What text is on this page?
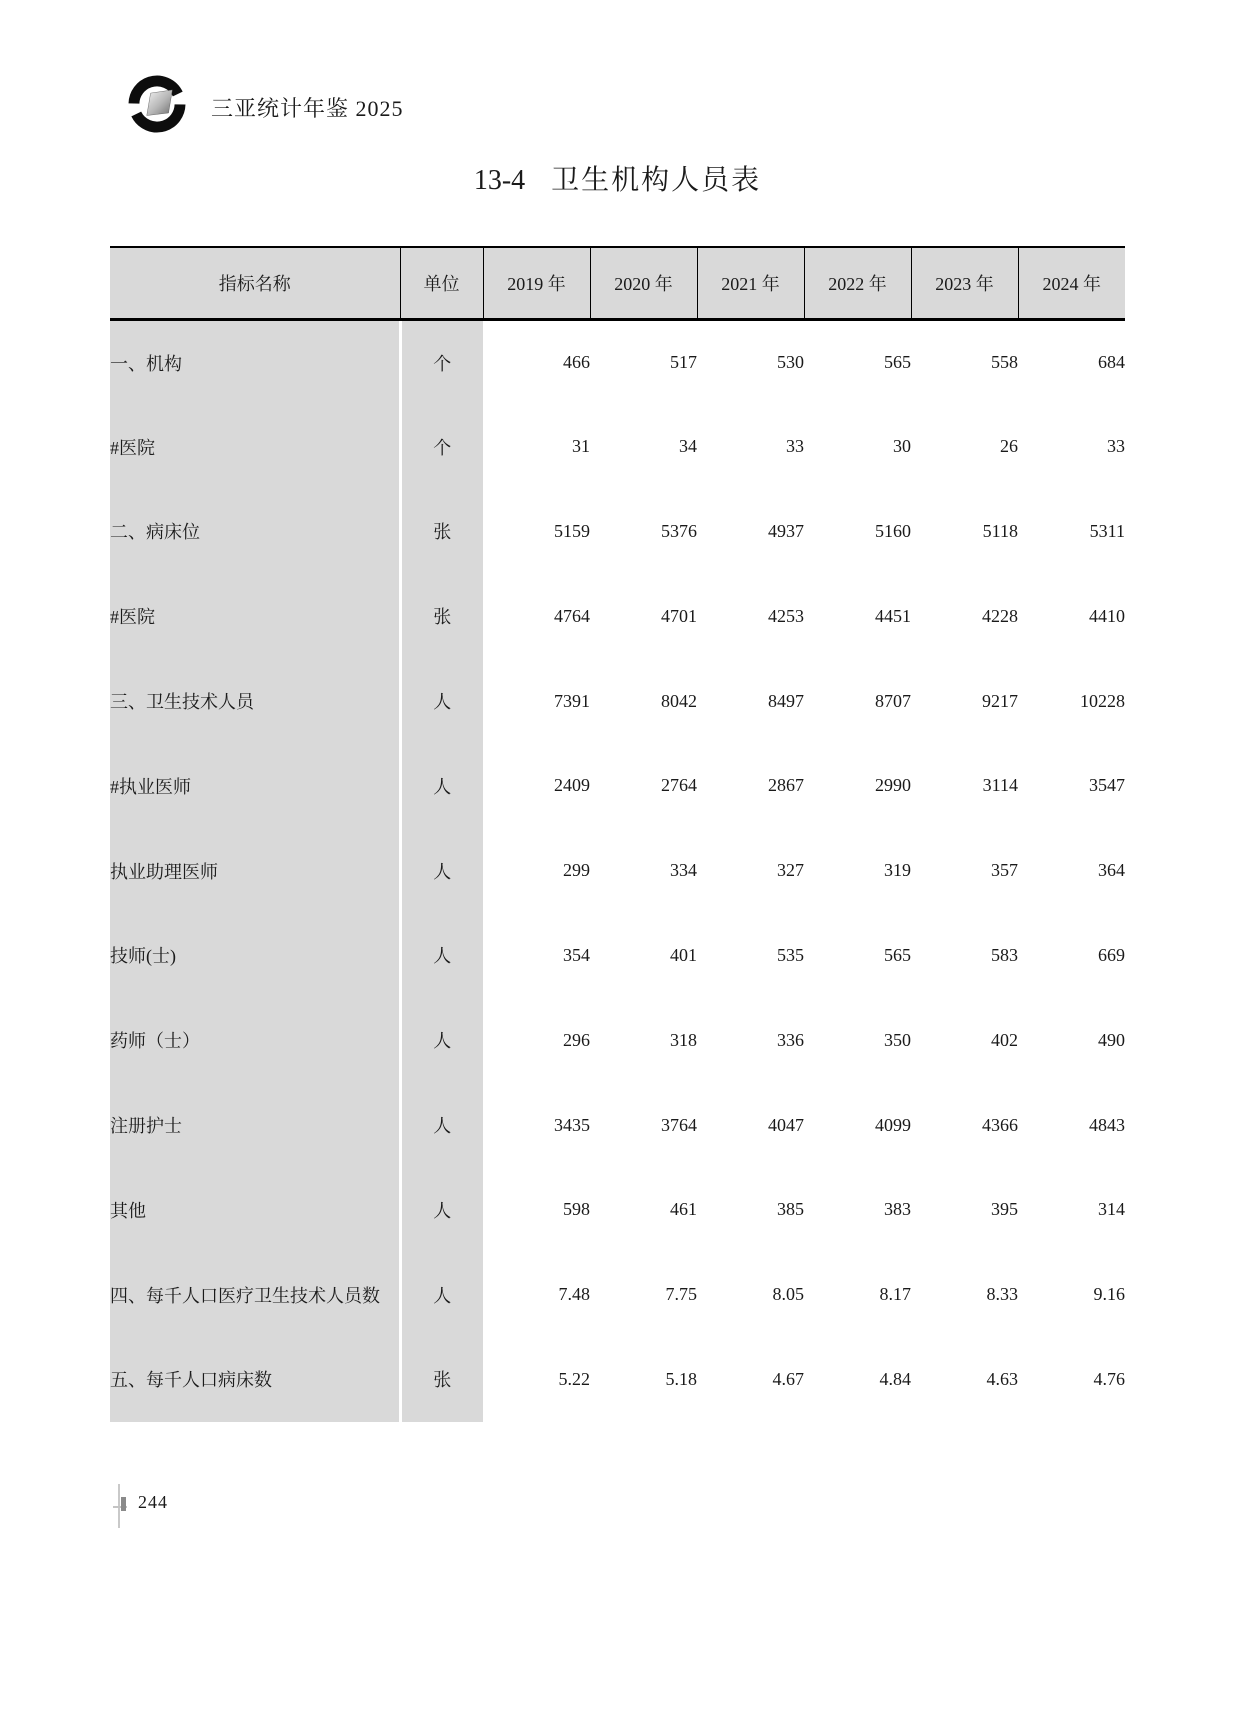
三亚统计年鉴 2025
13-4 卫生机构人员表
指标名称	单位	2019 年	2020 年	2021 年	2022 年	2023 年	2024 年
一、机构	个	466	517	530	565	558	684
#医院	个	31	34	33	30	26	33
二、病床位	张	5159	5376	4937	5160	5118	5311
#医院	张	4764	4701	4253	4451	4228	4410
三、卫生技术人员	人	7391	8042	8497	8707	9217	10228
#执业医师	人	2409	2764	2867	2990	3114	3547
执业助理医师	人	299	334	327	319	357	364
技师(士)	人	354	401	535	565	583	669
药师（士）	人	296	318	336	350	402	490
注册护士	人	3435	3764	4047	4099	4366	4843
其他	人	598	461	385	383	395	314
四、每千人口医疗卫生技术人员数	人	7.48	7.75	8.05	8.17	8.33	9.16
五、每千人口病床数	张	5.22	5.18	4.67	4.84	4.63	4.76
244
